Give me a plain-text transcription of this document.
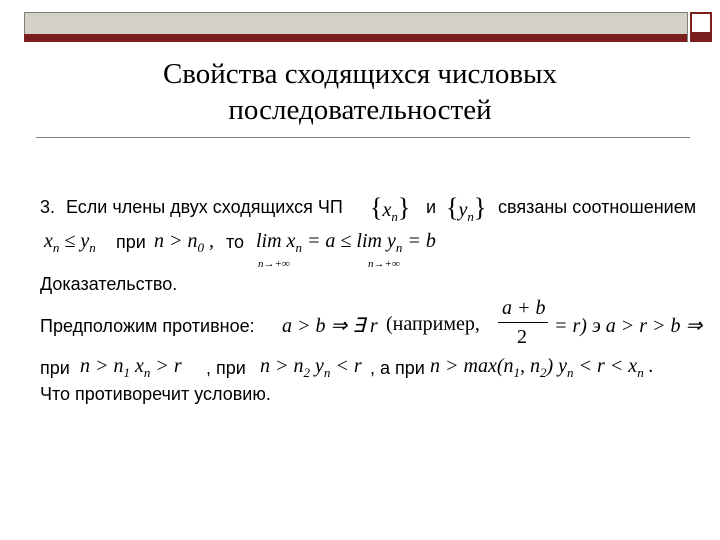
Свойства сходящихся числовых
последовательностей
3. Если члены двух сходящихся ЧП $\{x_n\}$ и $\{y_n\}$ связаны соотношением
$x_n \le y_n$ при $n > n_0$ , то $\lim x_n = a \le \lim y_n = b$
n→+∞	n→+∞
Доказательство.
Предположим противное: a > b ⇒ ∃ r (например,
a + b
2 = r) э a > r > b ⇒
при $n > n_1$ $x_n > r$ , при $n > n_2$ $y_n < r$ , а при $n > \max(n_1$, $n_2$) $y_n < r < x_n$ .
Что противоречит условию.
